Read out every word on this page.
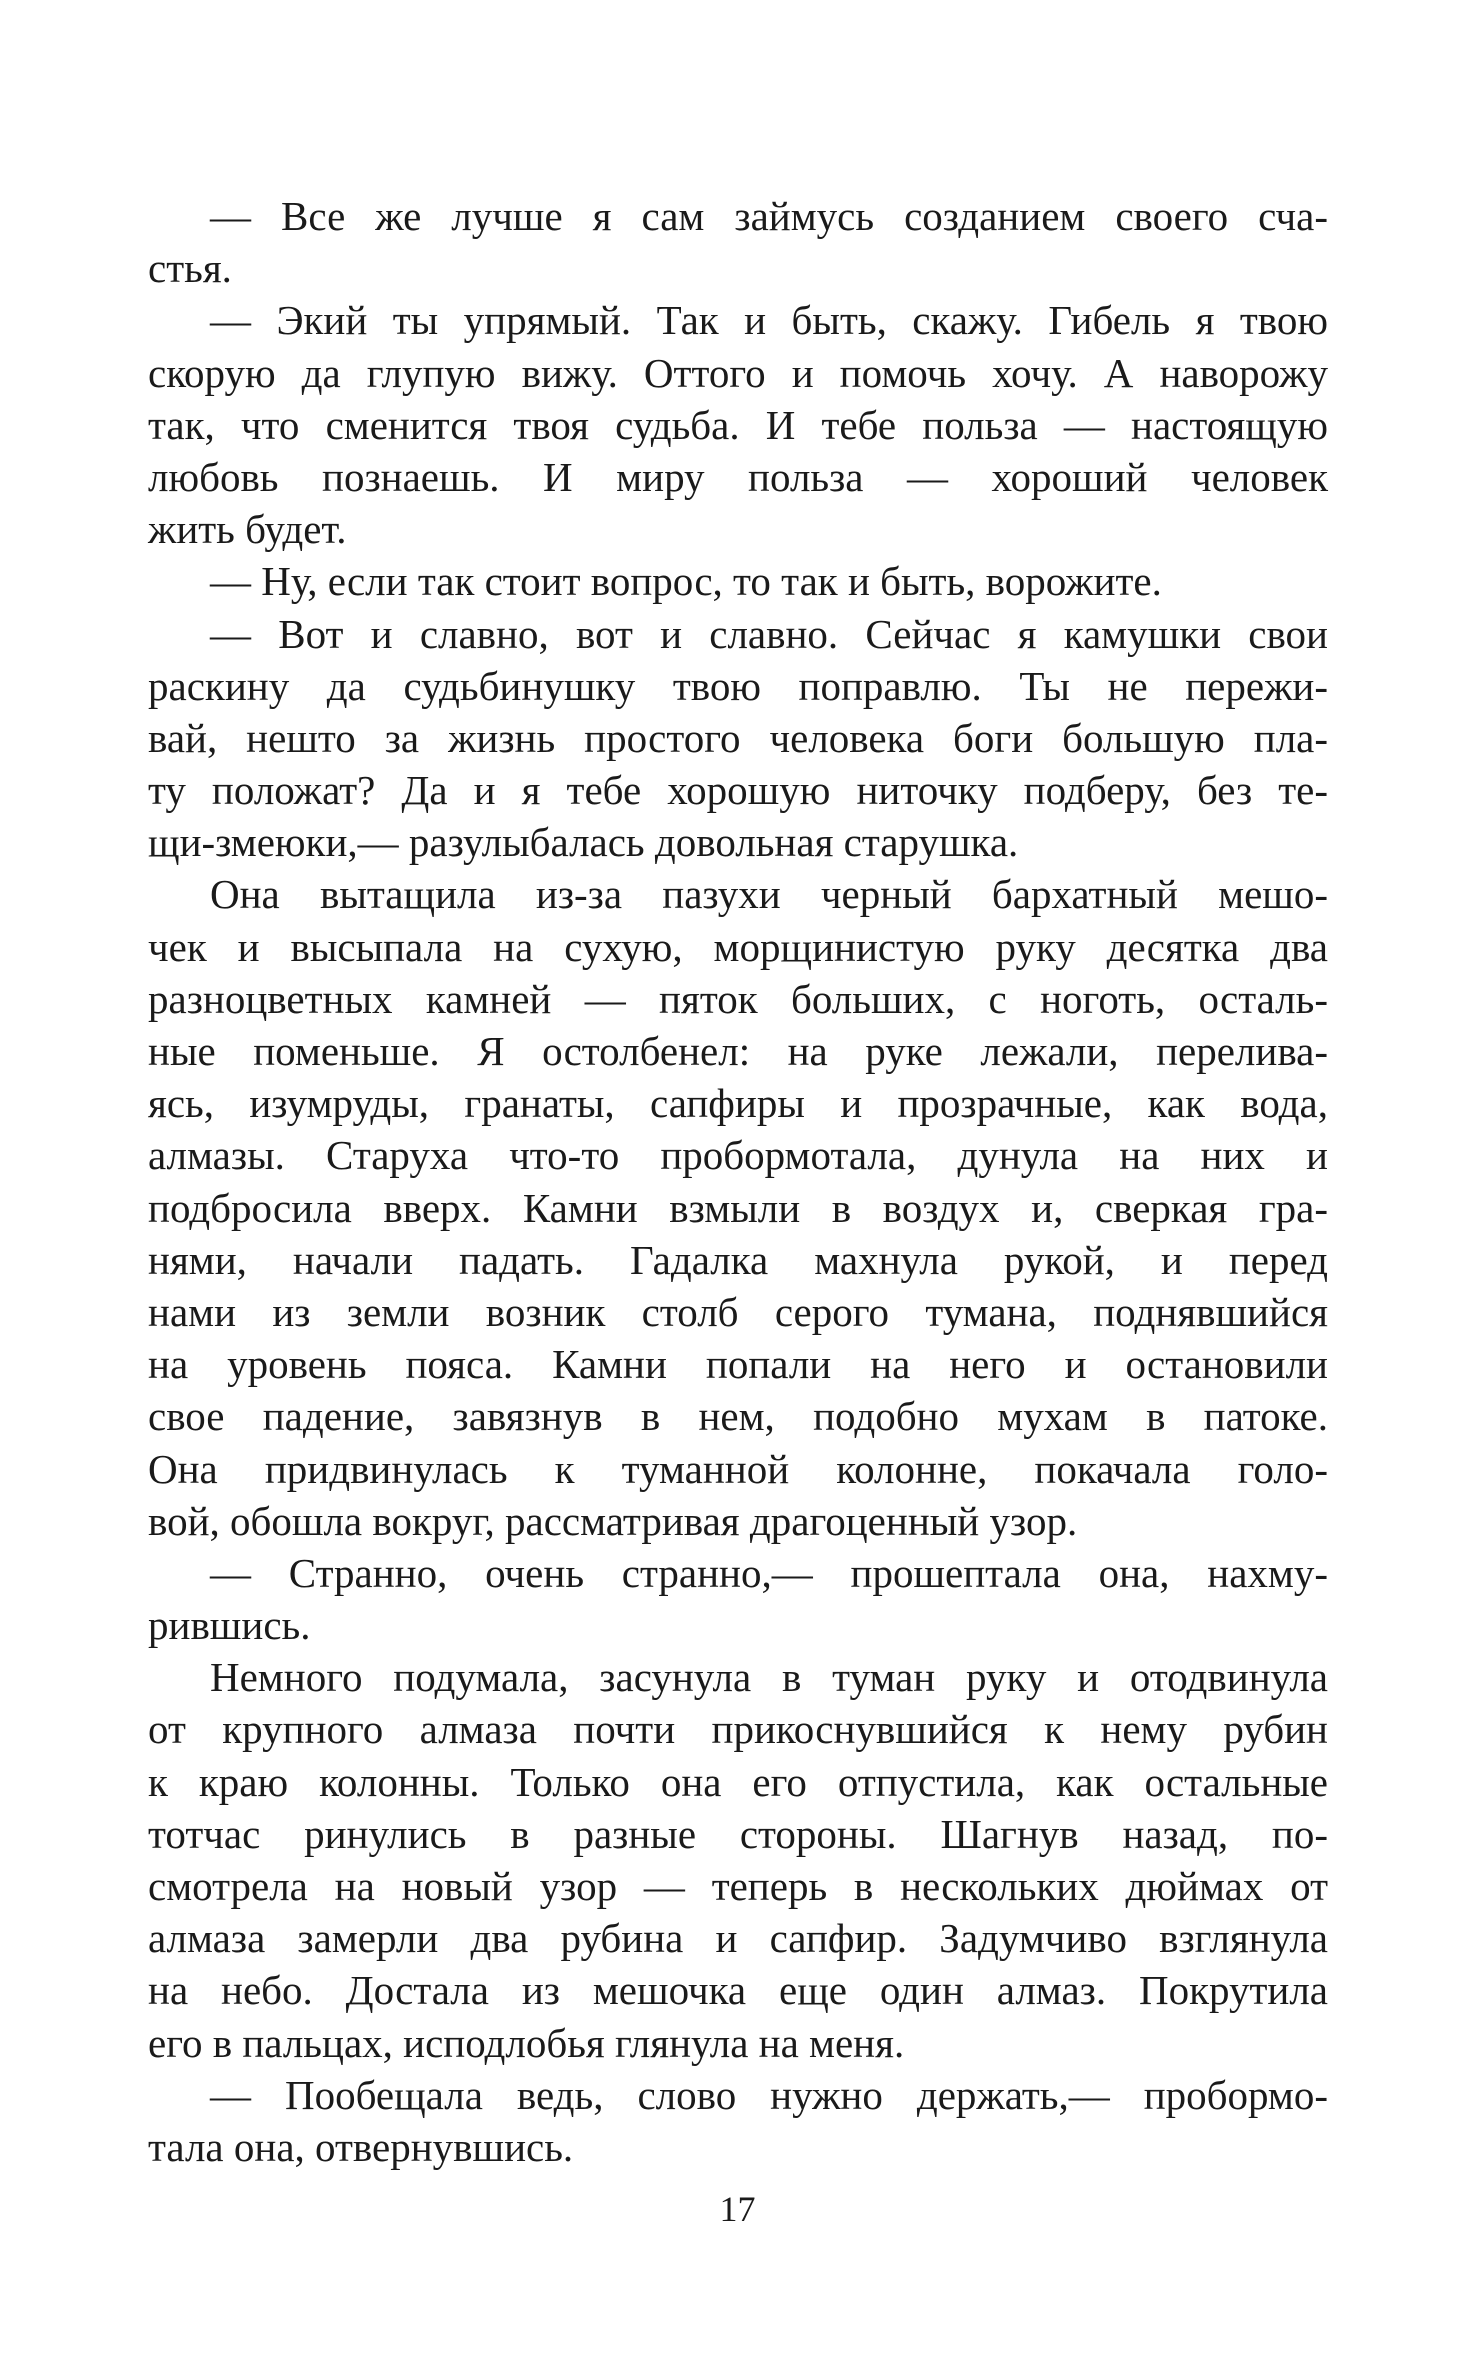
— Все же лучше я сам займусь созданием своего сча-
стья.
— Экий ты упрямый. Так и быть, скажу. Гибель я твою
скорую да глупую вижу. Оттого и помочь хочу. А наворожу
так, что сменится твоя судьба. И тебе польза — настоящую
любовь познаешь. И миру польза — хороший человек
жить будет.
— Ну, если так стоит вопрос, то так и быть, ворожите.
— Вот и славно, вот и славно. Сейчас я камушки свои
раскину да судьбинушку твою поправлю. Ты не пережи-
вай, нешто за жизнь простого человека боги большую пла-
ту положат? Да и я тебе хорошую ниточку подберу, без те-
щи-змеюки,— разулыбалась довольная старушка.
Она вытащила из-за пазухи черный бархатный мешо-
чек и высыпала на сухую, морщинистую руку десятка два
разноцветных камней — пяток больших, с ноготь, осталь-
ные поменьше. Я остолбенел: на руке лежали, перелива-
ясь, изумруды, гранаты, сапфиры и прозрачные, как вода,
алмазы. Старуха что-то пробормотала, дунула на них и
подбросила вверх. Камни взмыли в воздух и, сверкая гра-
нями, начали падать. Гадалка махнула рукой, и перед
нами из земли возник столб серого тумана, поднявшийся
на уровень пояса. Камни попали на него и остановили
свое падение, завязнув в нем, подобно мухам в патоке.
Она придвинулась к туманной колонне, покачала голо-
вой, обошла вокруг, рассматривая драгоценный узор.
— Странно, очень странно,— прошептала она, нахму-
рившись.
Немного подумала, засунула в туман руку и отодвинула
от крупного алмаза почти прикоснувшийся к нему рубин
к краю колонны. Только она его отпустила, как остальные
тотчас ринулись в разные стороны. Шагнув назад, по-
смотрела на новый узор — теперь в нескольких дюймах от
алмаза замерли два рубина и сапфир. Задумчиво взглянула
на небо. Достала из мешочка еще один алмаз. Покрутила
его в пальцах, исподлобья глянула на меня.
— Пообещала ведь, слово нужно держать,— пробормо-
тала она, отвернувшись.
17
